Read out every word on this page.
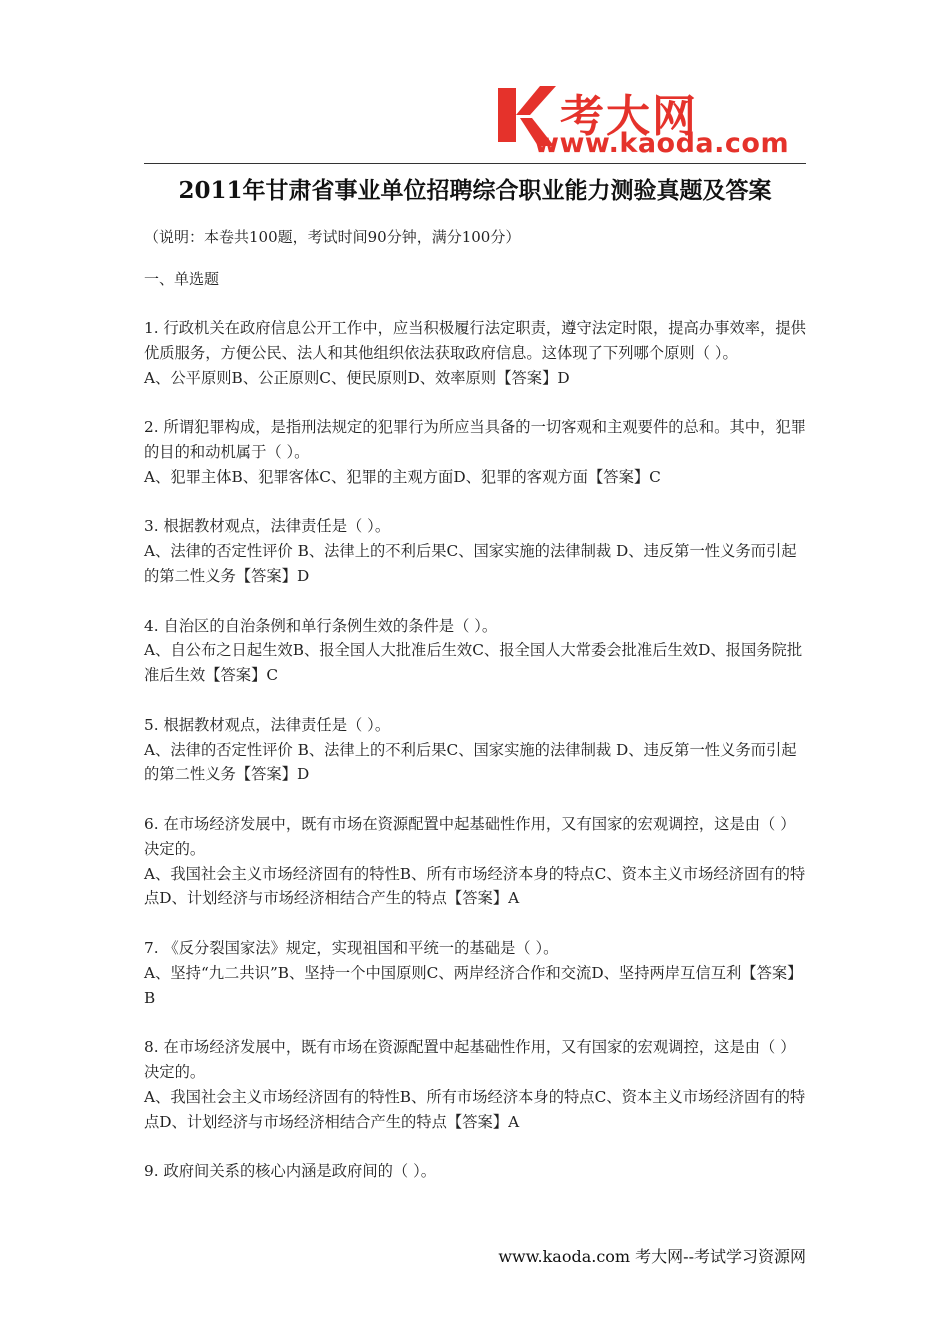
考大网
www.kaoda.com
2011年甘肃省事业单位招聘综合职业能力测验真题及答案
（说明：本卷共100题，考试时间90分钟，满分100分）
一、单选题

1. 行政机关在政府信息公开工作中，应当积极履行法定职责，遵守法定时限，提高办事效率，提供优质服务，方便公民、法人和其他组织依法获取政府信息。这体现了下列哪个原则（ ）。

A、公平原则B、公正原则C、便民原则D、效率原则【答案】D

2. 所谓犯罪构成，是指刑法规定的犯罪行为所应当具备的一切客观和主观要件的总和。其中，犯罪的目的和动机属于（ ）。

A、犯罪主体B、犯罪客体C、犯罪的主观方面D、犯罪的客观方面【答案】C

3. 根据教材观点，法律责任是（ ）。

A、法律的否定性评价 B、法律上的不利后果C、国家实施的法律制裁 D、违反第一性义务而引起的第二性义务【答案】D

4. 自治区的自治条例和单行条例生效的条件是（ ）。

A、自公布之日起生效B、报全国人大批准后生效C、报全国人大常委会批准后生效D、报国务院批准后生效【答案】C

5. 根据教材观点，法律责任是（ ）。

A、法律的否定性评价 B、法律上的不利后果C、国家实施的法律制裁 D、违反第一性义务而引起的第二性义务【答案】D

6. 在市场经济发展中，既有市场在资源配置中起基础性作用，又有国家的宏观调控，这是由（ ）决定的。

A、我国社会主义市场经济固有的特性B、所有市场经济本身的特点C、资本主义市场经济固有的特点D、计划经济与市场经济相结合产生的特点【答案】A

7. 《反分裂国家法》规定，实现祖国和平统一的基础是（ ）。

A、坚持“九二共识”B、坚持一个中国原则C、两岸经济合作和交流D、坚持两岸互信互利【答案】B

8. 在市场经济发展中，既有市场在资源配置中起基础性作用，又有国家的宏观调控，这是由（ ）决定的。

A、我国社会主义市场经济固有的特性B、所有市场经济本身的特点C、资本主义市场经济固有的特点D、计划经济与市场经济相结合产生的特点【答案】A

9. 政府间关系的核心内涵是政府间的（ ）。

www.kaoda.com 考大网--考试学习资源网
